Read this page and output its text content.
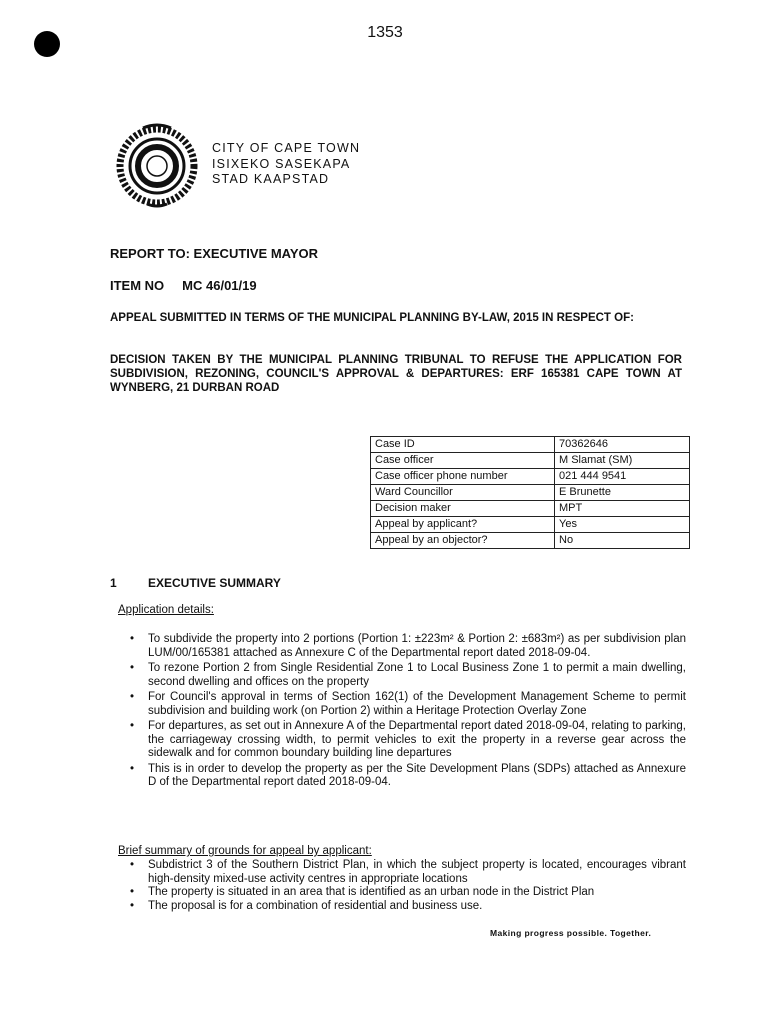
1353
CITY OF CAPE TOWN
ISIXEKO SASEKAPA
STAD KAAPSTAD
REPORT TO: EXECUTIVE MAYOR
ITEM NO MC 46/01/19
APPEAL SUBMITTED IN TERMS OF THE MUNICIPAL PLANNING BY-LAW, 2015 IN RESPECT OF:
DECISION TAKEN BY THE MUNICIPAL PLANNING TRIBUNAL TO REFUSE THE APPLICATION FOR SUBDIVISION, REZONING, COUNCIL'S APPROVAL & DEPARTURES: ERF 165381 CAPE TOWN AT WYNBERG, 21 DURBAN ROAD
Case ID	70362646
Case officer	M Slamat (SM)
Case officer phone number	021 444 9541
Ward Councillor	E Brunette
Decision maker	MPT
Appeal by applicant?	Yes
Appeal by an objector?	No
1	EXECUTIVE SUMMARY
Application details:
• To subdivide the property into 2 portions (Portion 1: ±223m² & Portion 2: ±683m²) as per subdivision plan LUM/00/165381 attached as Annexure C of the Departmental report dated 2018-09-04.
• To rezone Portion 2 from Single Residential Zone 1 to Local Business Zone 1 to permit a main dwelling, second dwelling and offices on the property
• For Council's approval in terms of Section 162(1) of the Development Management Scheme to permit subdivision and building work (on Portion 2) within a Heritage Protection Overlay Zone
• For departures, as set out in Annexure A of the Departmental report dated 2018-09-04, relating to parking, the carriageway crossing width, to permit vehicles to exit the property in a reverse gear across the sidewalk and for common boundary building line departures
• This is in order to develop the property as per the Site Development Plans (SDPs) attached as Annexure D of the Departmental report dated 2018-09-04.
Brief summary of grounds for appeal by applicant:
• Subdistrict 3 of the Southern District Plan, in which the subject property is located, encourages vibrant high-density mixed-use activity centres in appropriate locations
• The property is situated in an area that is identified as an urban node in the District Plan
• The proposal is for a combination of residential and business use.
Making progress possible. Together.
